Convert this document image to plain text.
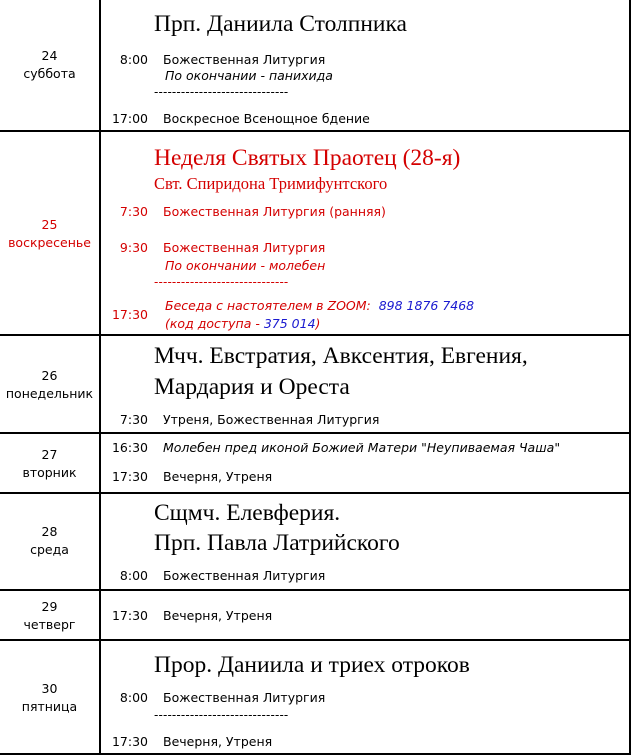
24
суббота
Прп. Даниила Столпника
8:00 Божественная Литургия
По окончании - панихида
------------------------------
17:00 Воскресное Всенощное бдение
25
воскресенье
Неделя Святых Праотец (28-я)
Свт. Спиридона Тримифунтского
7:30 Божественная Литургия (ранняя)
9:30 Божественная Литургия
По окончании - молебен
------------------------------
17:30
Беседа с настоятелем в ZOOM: 898 1876 7468
(код доступа - 375 014)
26
понедельник
Мчч. Евстратия, Авксентия, Евгения,
Мардария и Ореста
7:30 Утреня, Божественная Литургия
27
вторник
16:30 Молебен пред иконой Божией Матери "Неупиваемая Чаша"
17:30 Вечерня, Утреня
28
среда
Сщмч. Елевферия.
Прп. Павла Латрийского
8:00 Божественная Литургия
29
четверг
17:30 Вечерня, Утреня
30
пятница
Прор. Даниила и триех отроков
8:00 Божественная Литургия
------------------------------
17:30 Вечерня, Утреня
